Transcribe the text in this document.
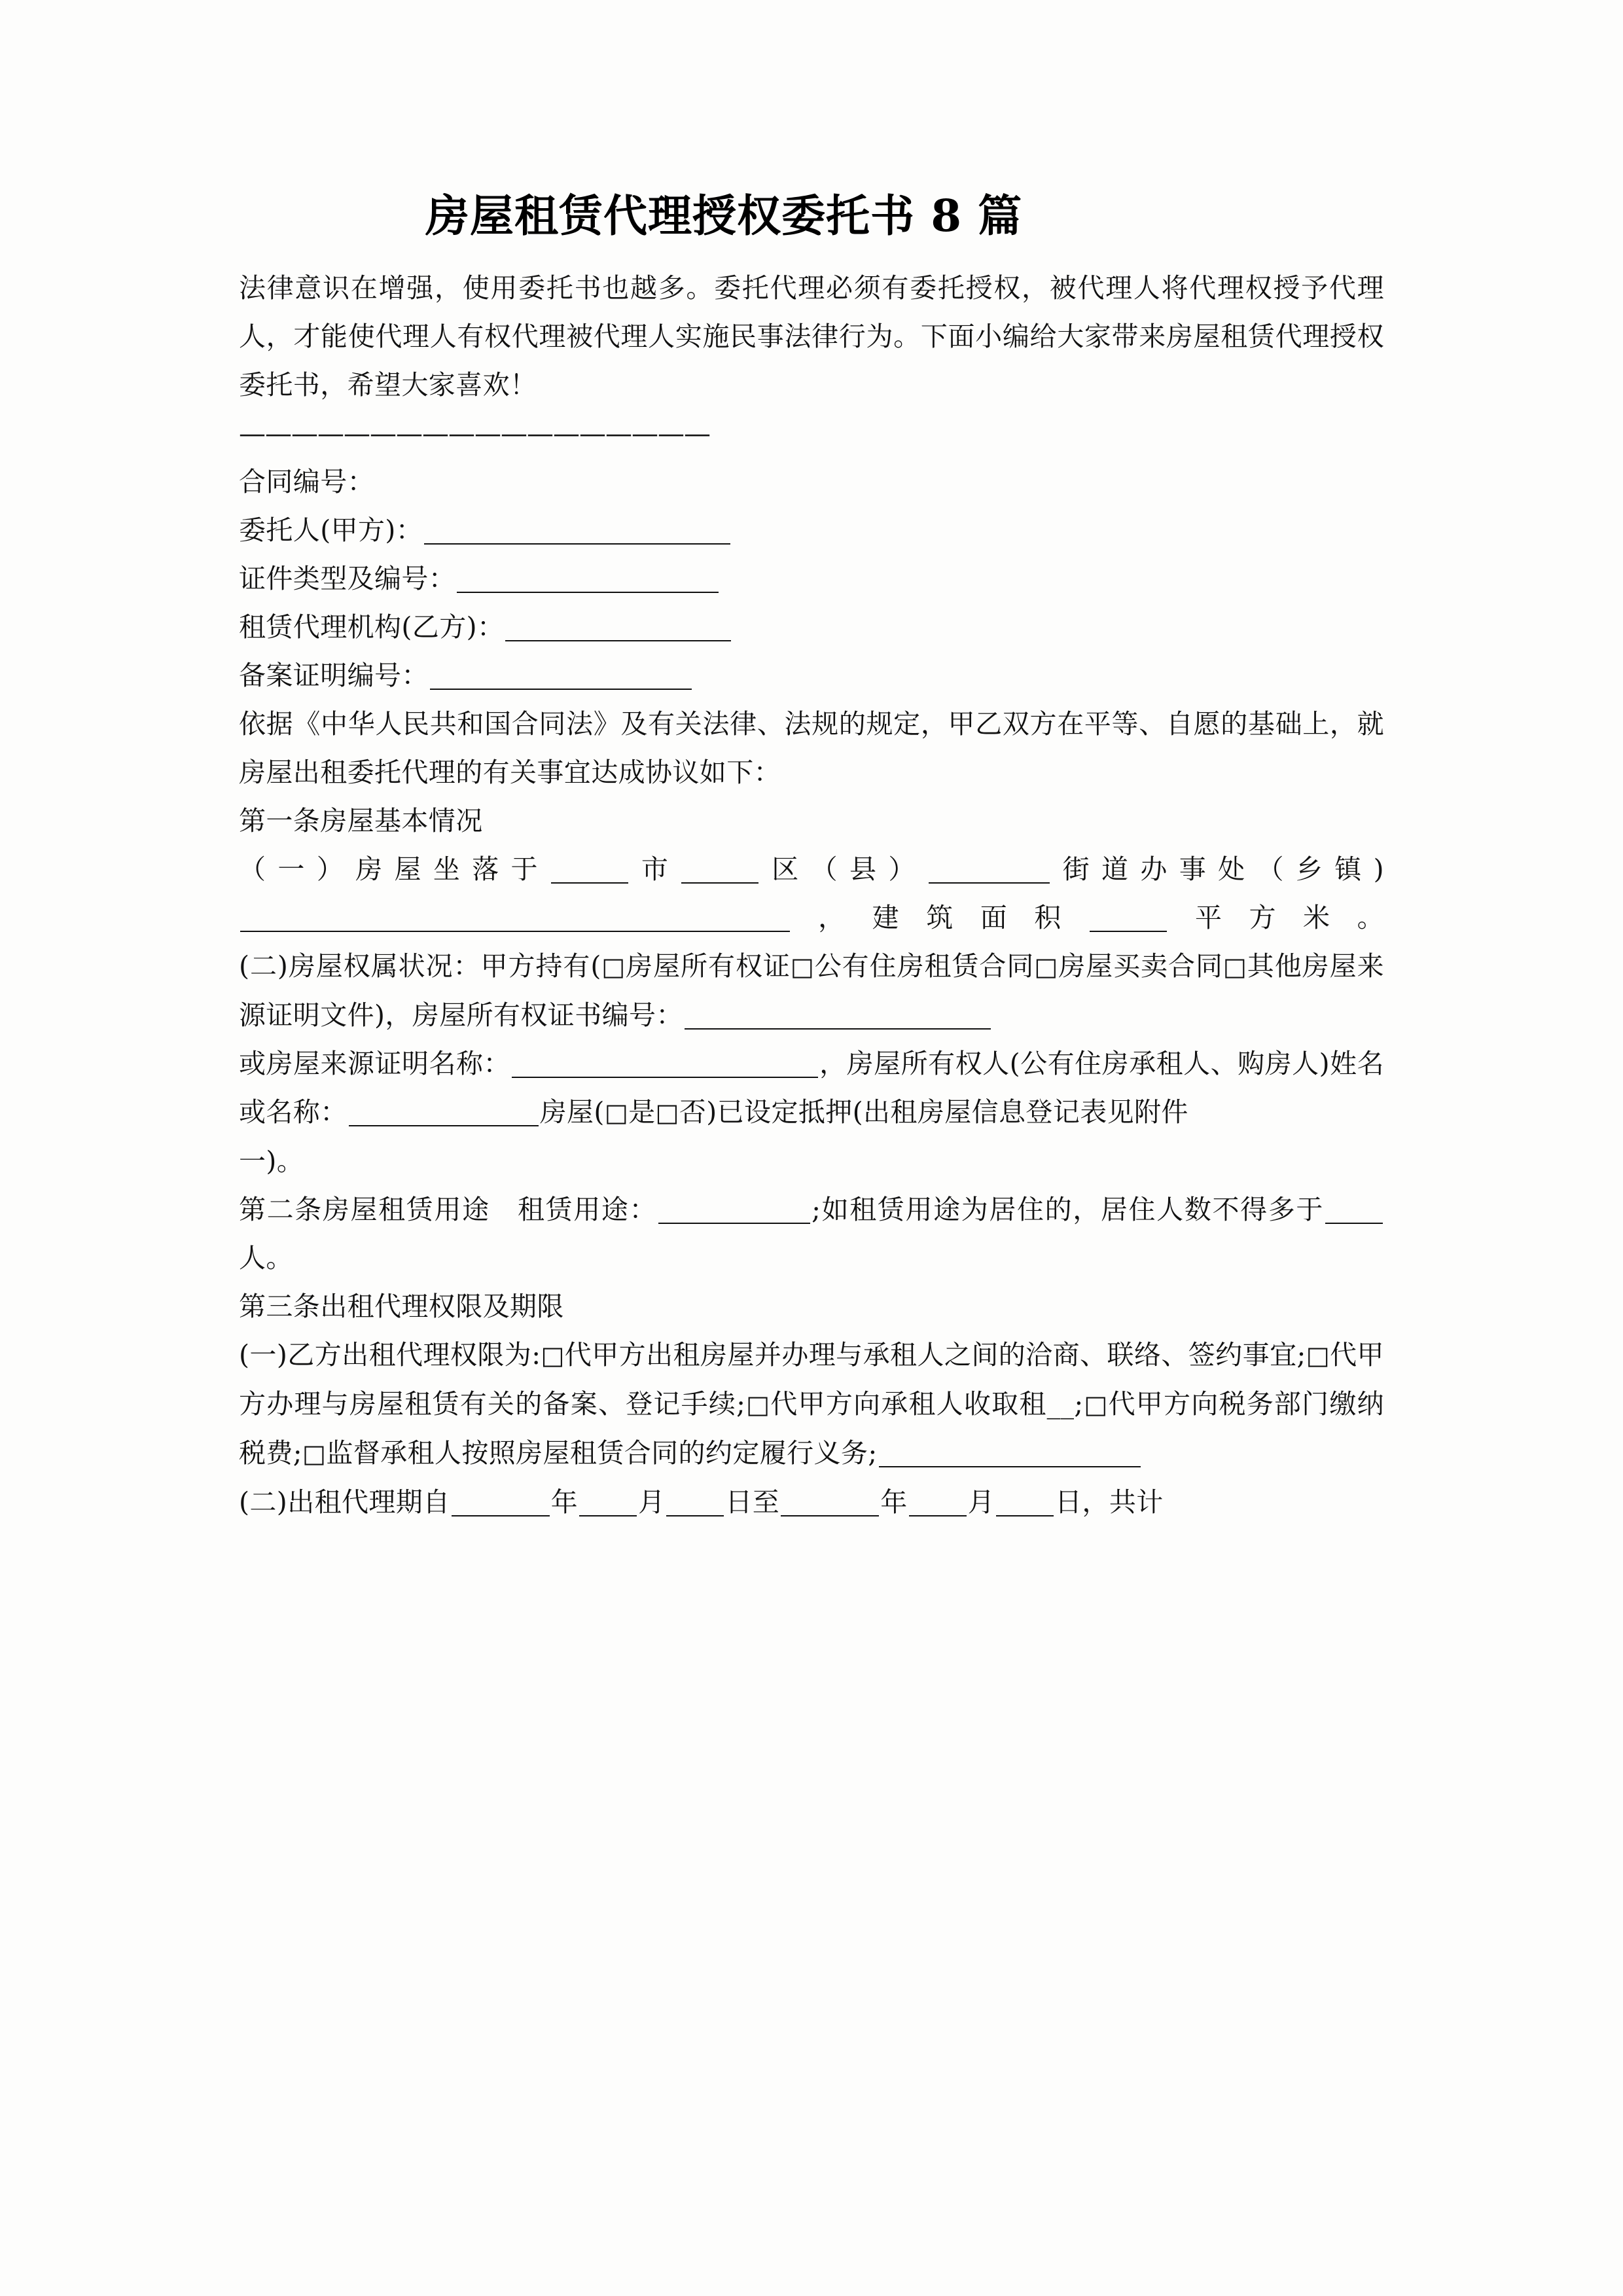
房屋租赁代理授权委托书 8 篇

法律意识在增强，使用委托书也越多。委托代理必须有委托授权，被代理人将代理权授予代理人，才能使代理人有权代理被代理人实施民事法律行为。下面小编给大家带来房屋租赁代理授权委托书，希望大家喜欢！

——————————————————

合同编号：

委托人(甲方)：

证件类型及编号：

租赁代理机构(乙方)：

备案证明编号：

依据《中华人民共和国合同法》及有关法律、法规的规定，甲乙双方在平等、自愿的基础上，就房屋出租委托代理的有关事宜达成协议如下：

第一条房屋基本情况

（一）房屋坐落于	市	区（县）	街道办事处（乡镇)，建筑面积	平方米。

(二)房屋权属状况：甲方持有(□房屋所有权证□公有住房租赁合同□房屋买卖合同□其他房屋来源证明文件)，房屋所有权证书编号：

或房屋来源证明名称：	，房屋所有权人(公有住房承租人、购房人)姓名或名称：	房屋(□是□否)已设定抵押(出租房屋信息登记表见附件

一)。

第二条房屋租赁用途 租赁用途：	;如租赁用途为居住的，居住人数不得多于人。

第三条出租代理权限及期限

(一)乙方出租代理权限为:□代甲方出租房屋并办理与承租人之间的洽商、联络、签约事宜;□代甲方办理与房屋租赁有关的备案、登记手续;□代甲方向承租人收取租__;□代甲方向税务部门缴纳税费;□监督承租人按照房屋租赁合同的约定履行义务;

(二)出租代理期自	年 月 日至	年 月 日，共计
